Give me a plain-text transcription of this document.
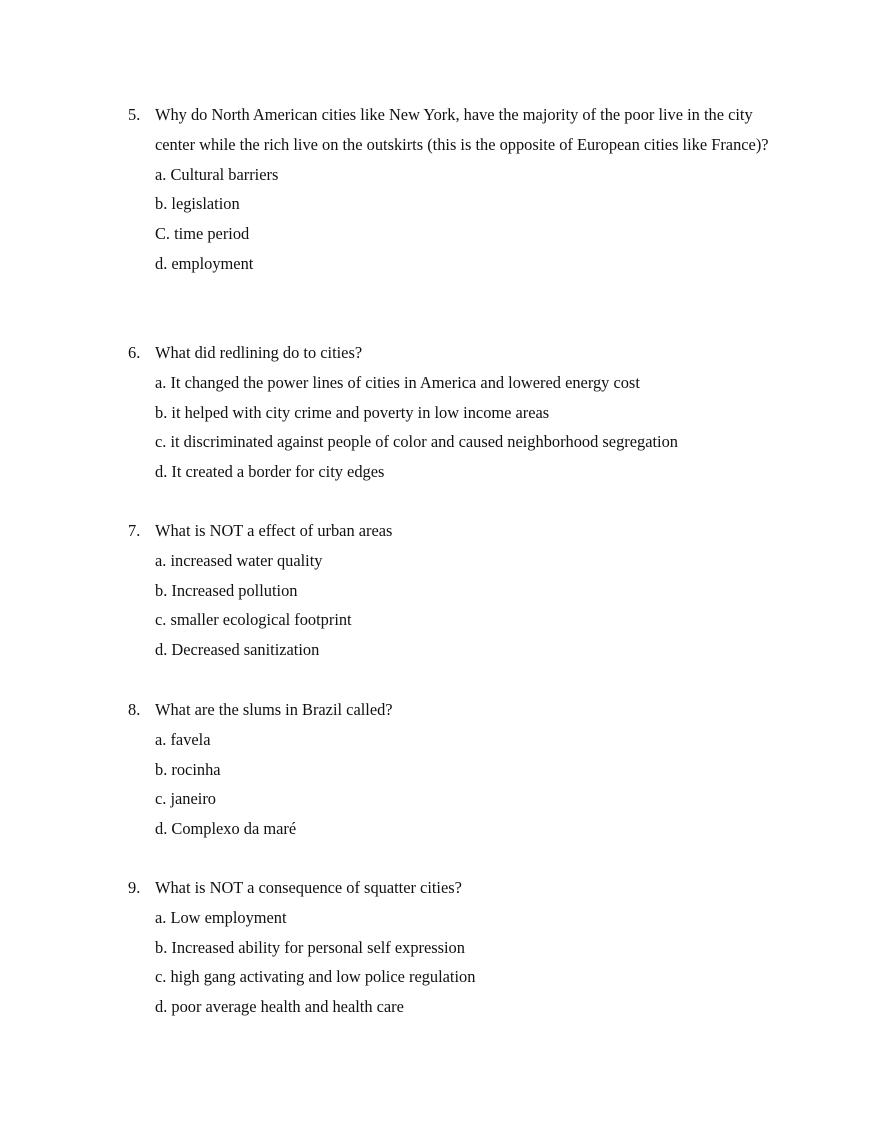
5. Why do North American cities like New York, have the majority of the poor live in the city center while the rich live on the outskirts (this is the opposite of European cities like France)?

a. Cultural barriers
b. legislation
C. time period
d. employment
6. What did redlining do to cities?

a. It changed the power lines of cities in America and lowered energy cost
b. it helped with city crime and poverty in low income areas
c. it discriminated against people of color and caused neighborhood segregation
d. It created a border for city edges
7. What is NOT a effect of urban areas

a. increased water quality
b. Increased pollution
c. smaller ecological footprint
d. Decreased sanitization
8. What are the slums in Brazil called?

a. favela
b. rocinha
c. janeiro
d. Complexo da maré
9. What is NOT a consequence of squatter cities?

a. Low employment
b. Increased ability for personal self expression
c. high gang activating and low police regulation
d. poor average health and health care
